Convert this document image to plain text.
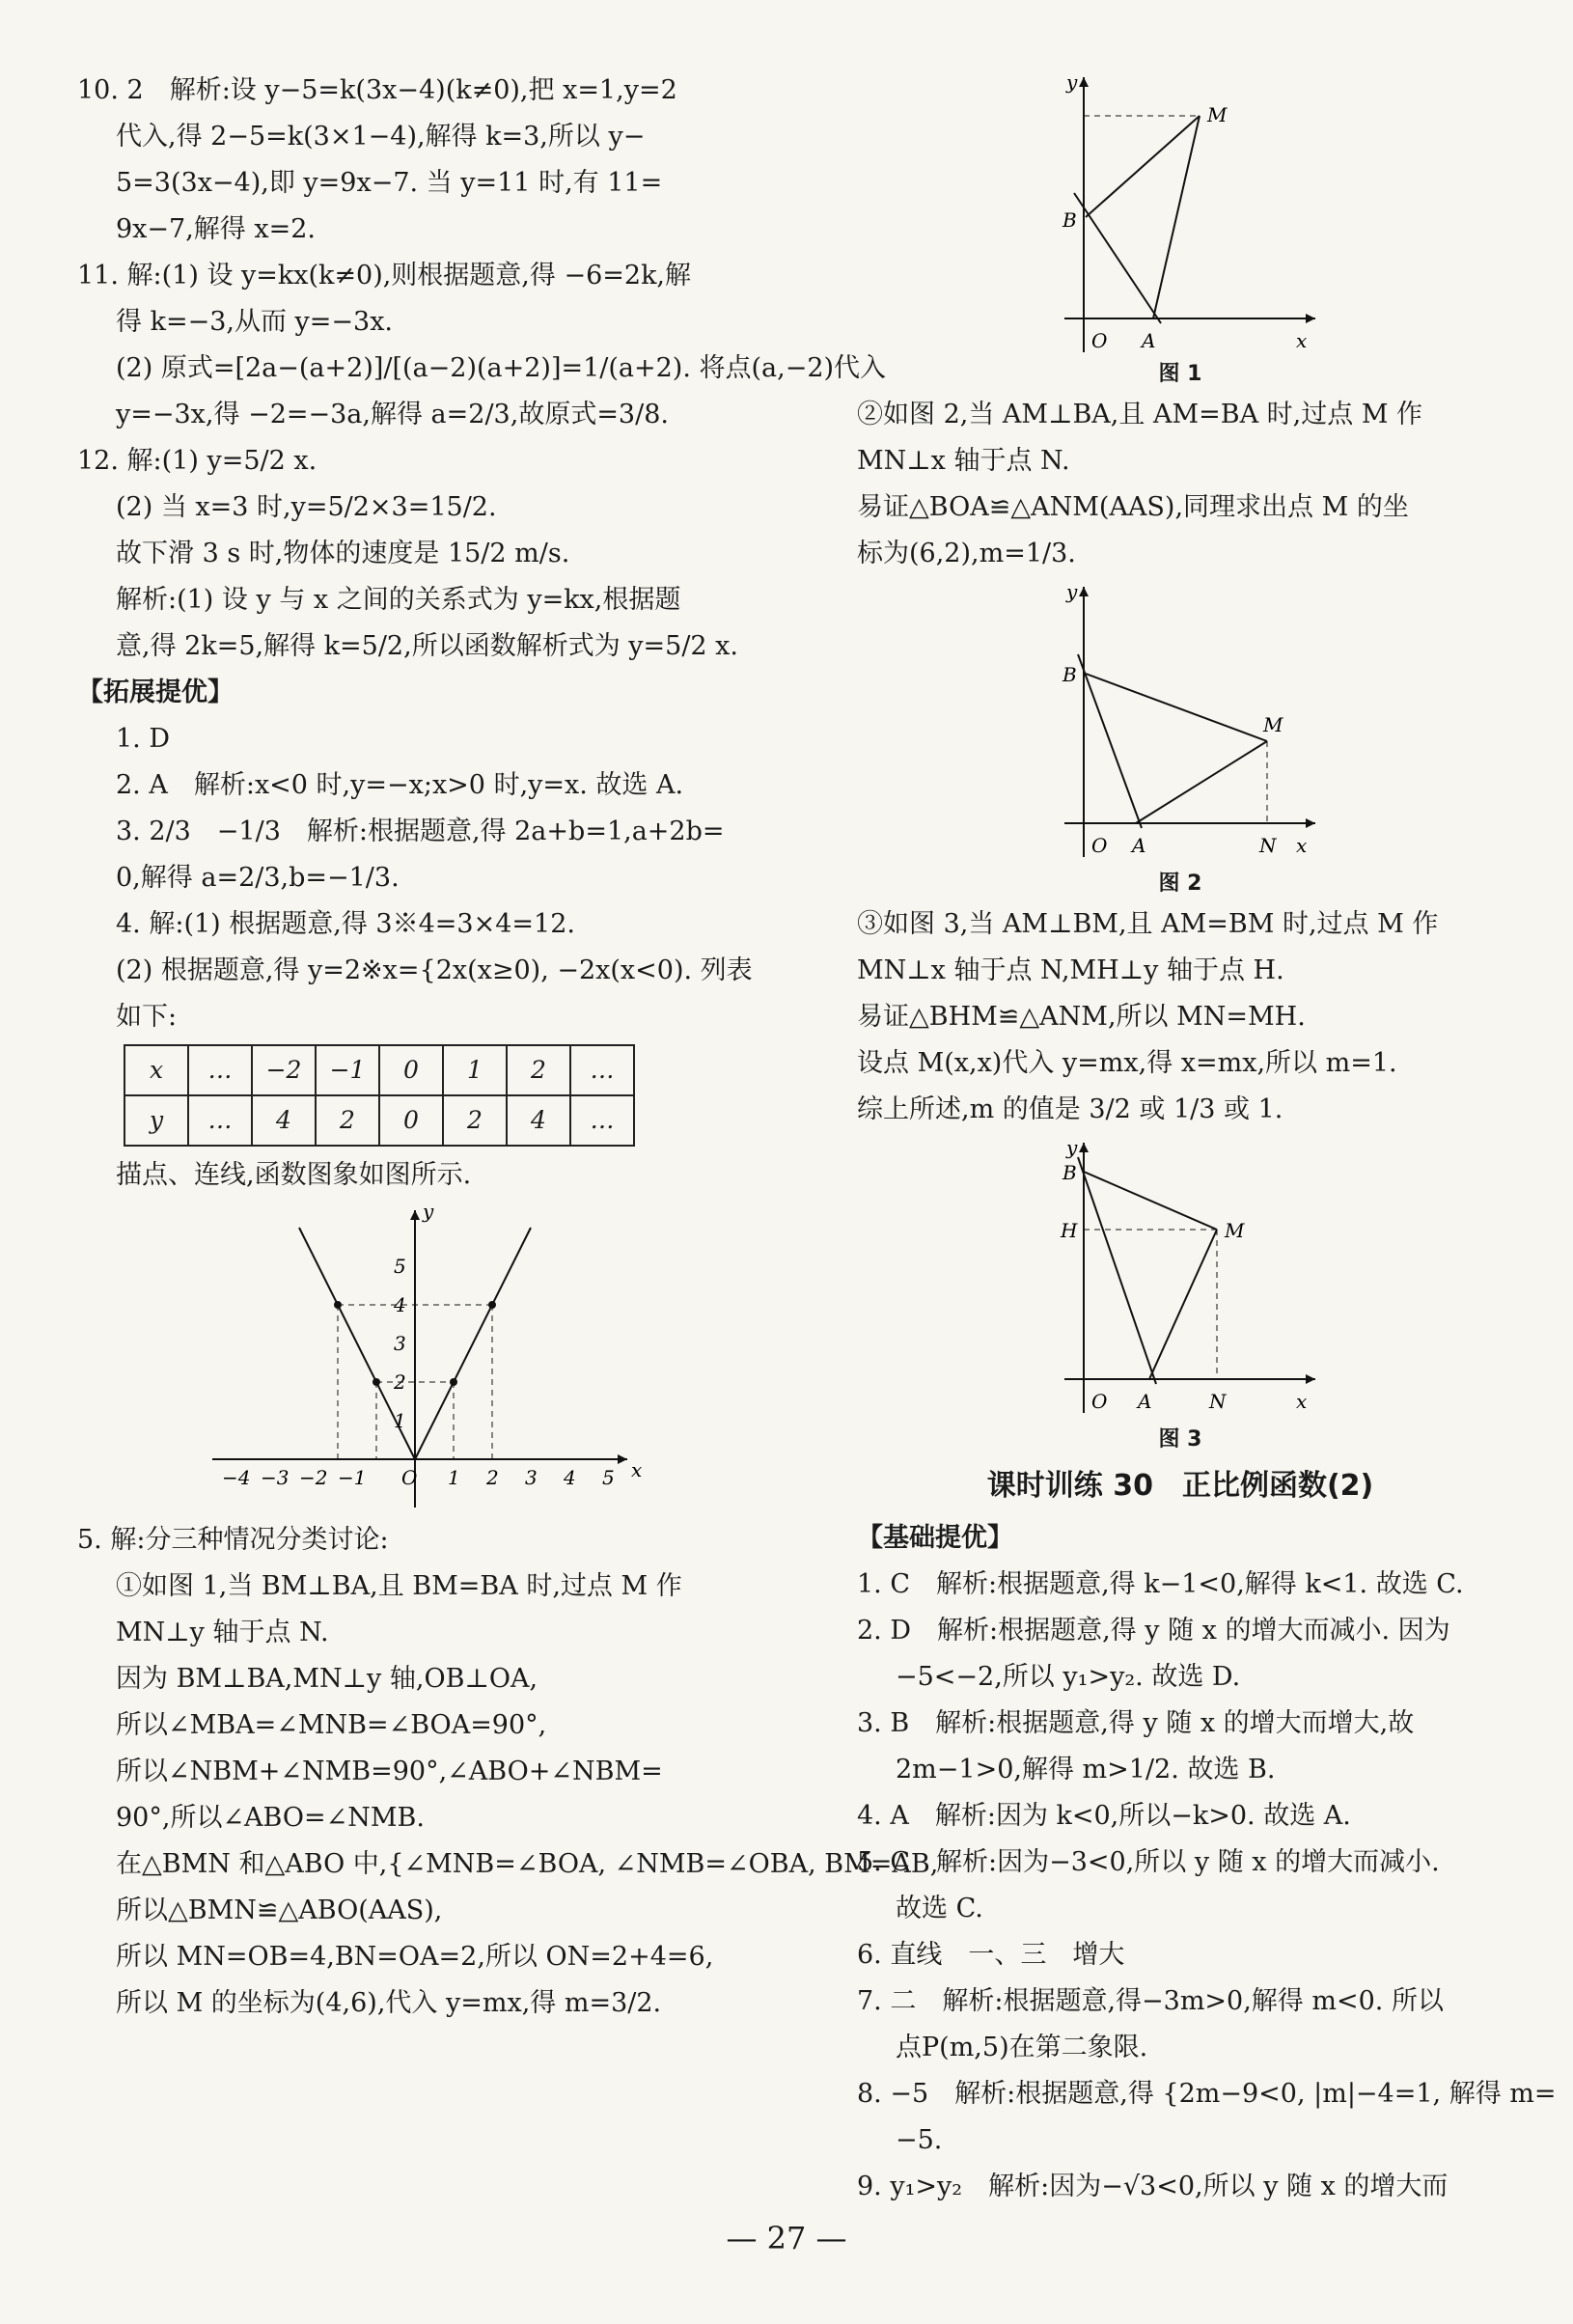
10. 2　解析:设 y−5=k(3x−4)(k≠0),把 x=1,y=2

代入,得 2−5=k(3×1−4),解得 k=3,所以 y−

5=3(3x−4),即 y=9x−7. 当 y=11 时,有 11=

9x−7,解得 x=2.

11. 解:(1) 设 y=kx(k≠0),则根据题意,得 −6=2k,解

得 k=−3,从而 y=−3x.

(2) 原式=[2a−(a+2)]/[(a−2)(a+2)]=1/(a+2). 将点(a,−2)代入

y=−3x,得 −2=−3a,解得 a=2/3,故原式=3/8.

12. 解:(1) y=5/2 x.

(2) 当 x=3 时,y=5/2×3=15/2.

故下滑 3 s 时,物体的速度是 15/2 m/s.

解析:(1) 设 y 与 x 之间的关系式为 y=kx,根据题

意,得 2k=5,解得 k=5/2,所以函数解析式为 y=5/2 x.

【拓展提优】

1. D

2. A　解析:x<0 时,y=−x;x>0 时,y=x. 故选 A.

3. 2/3　−1/3　解析:根据题意,得 2a+b=1,a+2b=

0,解得 a=2/3,b=−1/3.

4. 解:(1) 根据题意,得 3※4=3×4=12.

(2) 根据题意,得 y=2※x={2x(x≥0), −2x(x<0). 列表

如下:

x	…	−2	−1	0	1	2	…
y	…	4	2	0	2	4	…

描点、连线,函数图象如图所示.

−4 −3 −2 −1 O 1 2 3 4 5
1
2
3
4
5
x
y

5. 解:分三种情况分类讨论:

①如图 1,当 BM⊥BA,且 BM=BA 时,过点 M 作

MN⊥y 轴于点 N.

因为 BM⊥BA,MN⊥y 轴,OB⊥OA,

所以∠MBA=∠MNB=∠BOA=90°,

所以∠NBM+∠NMB=90°,∠ABO+∠NBM=

90°,所以∠ABO=∠NMB.

在△BMN 和△ABO 中,{∠MNB=∠BOA, ∠NMB=∠OBA, BM=AB,

所以△BMN≌△ABO(AAS),

所以 MN=OB=4,BN=OA=2,所以 ON=2+4=6,

所以 M 的坐标为(4,6),代入 y=mx,得 m=3/2.

y
M
B
O A	x

图 1

②如图 2,当 AM⊥BA,且 AM=BA 时,过点 M 作

MN⊥x 轴于点 N.

易证△BOA≌△ANM(AAS),同理求出点 M 的坐

标为(6,2),m=1/3.

y
B
M
O A	N x

图 2

③如图 3,当 AM⊥BM,且 AM=BM 时,过点 M 作

MN⊥x 轴于点 N,MH⊥y 轴于点 H.

易证△BHM≌△ANM,所以 MN=MH.

设点 M(x,x)代入 y=mx,得 x=mx,所以 m=1.

综上所述,m 的值是 3/2 或 1/3 或 1.

y
B
H	M
O A	N	x

图 3

课时训练 30　正比例函数(2)

【基础提优】

1. C　解析:根据题意,得 k−1<0,解得 k<1. 故选 C.

2. D　解析:根据题意,得 y 随 x 的增大而减小. 因为

−5<−2,所以 y₁>y₂. 故选 D.

3. B　解析:根据题意,得 y 随 x 的增大而增大,故

2m−1>0,解得 m>1/2. 故选 B.

4. A　解析:因为 k<0,所以−k>0. 故选 A.

5. C　解析:因为−3<0,所以 y 随 x 的增大而减小.

故选 C.

6. 直线　一、三　增大

7. 二　解析:根据题意,得−3m>0,解得 m<0. 所以

点P(m,5)在第二象限.

8. −5　解析:根据题意,得 {2m−9<0, |m|−4=1, 解得 m=

−5.

9. y₁>y₂　解析:因为−√3<0,所以 y 随 x 的增大而

— 27 —
